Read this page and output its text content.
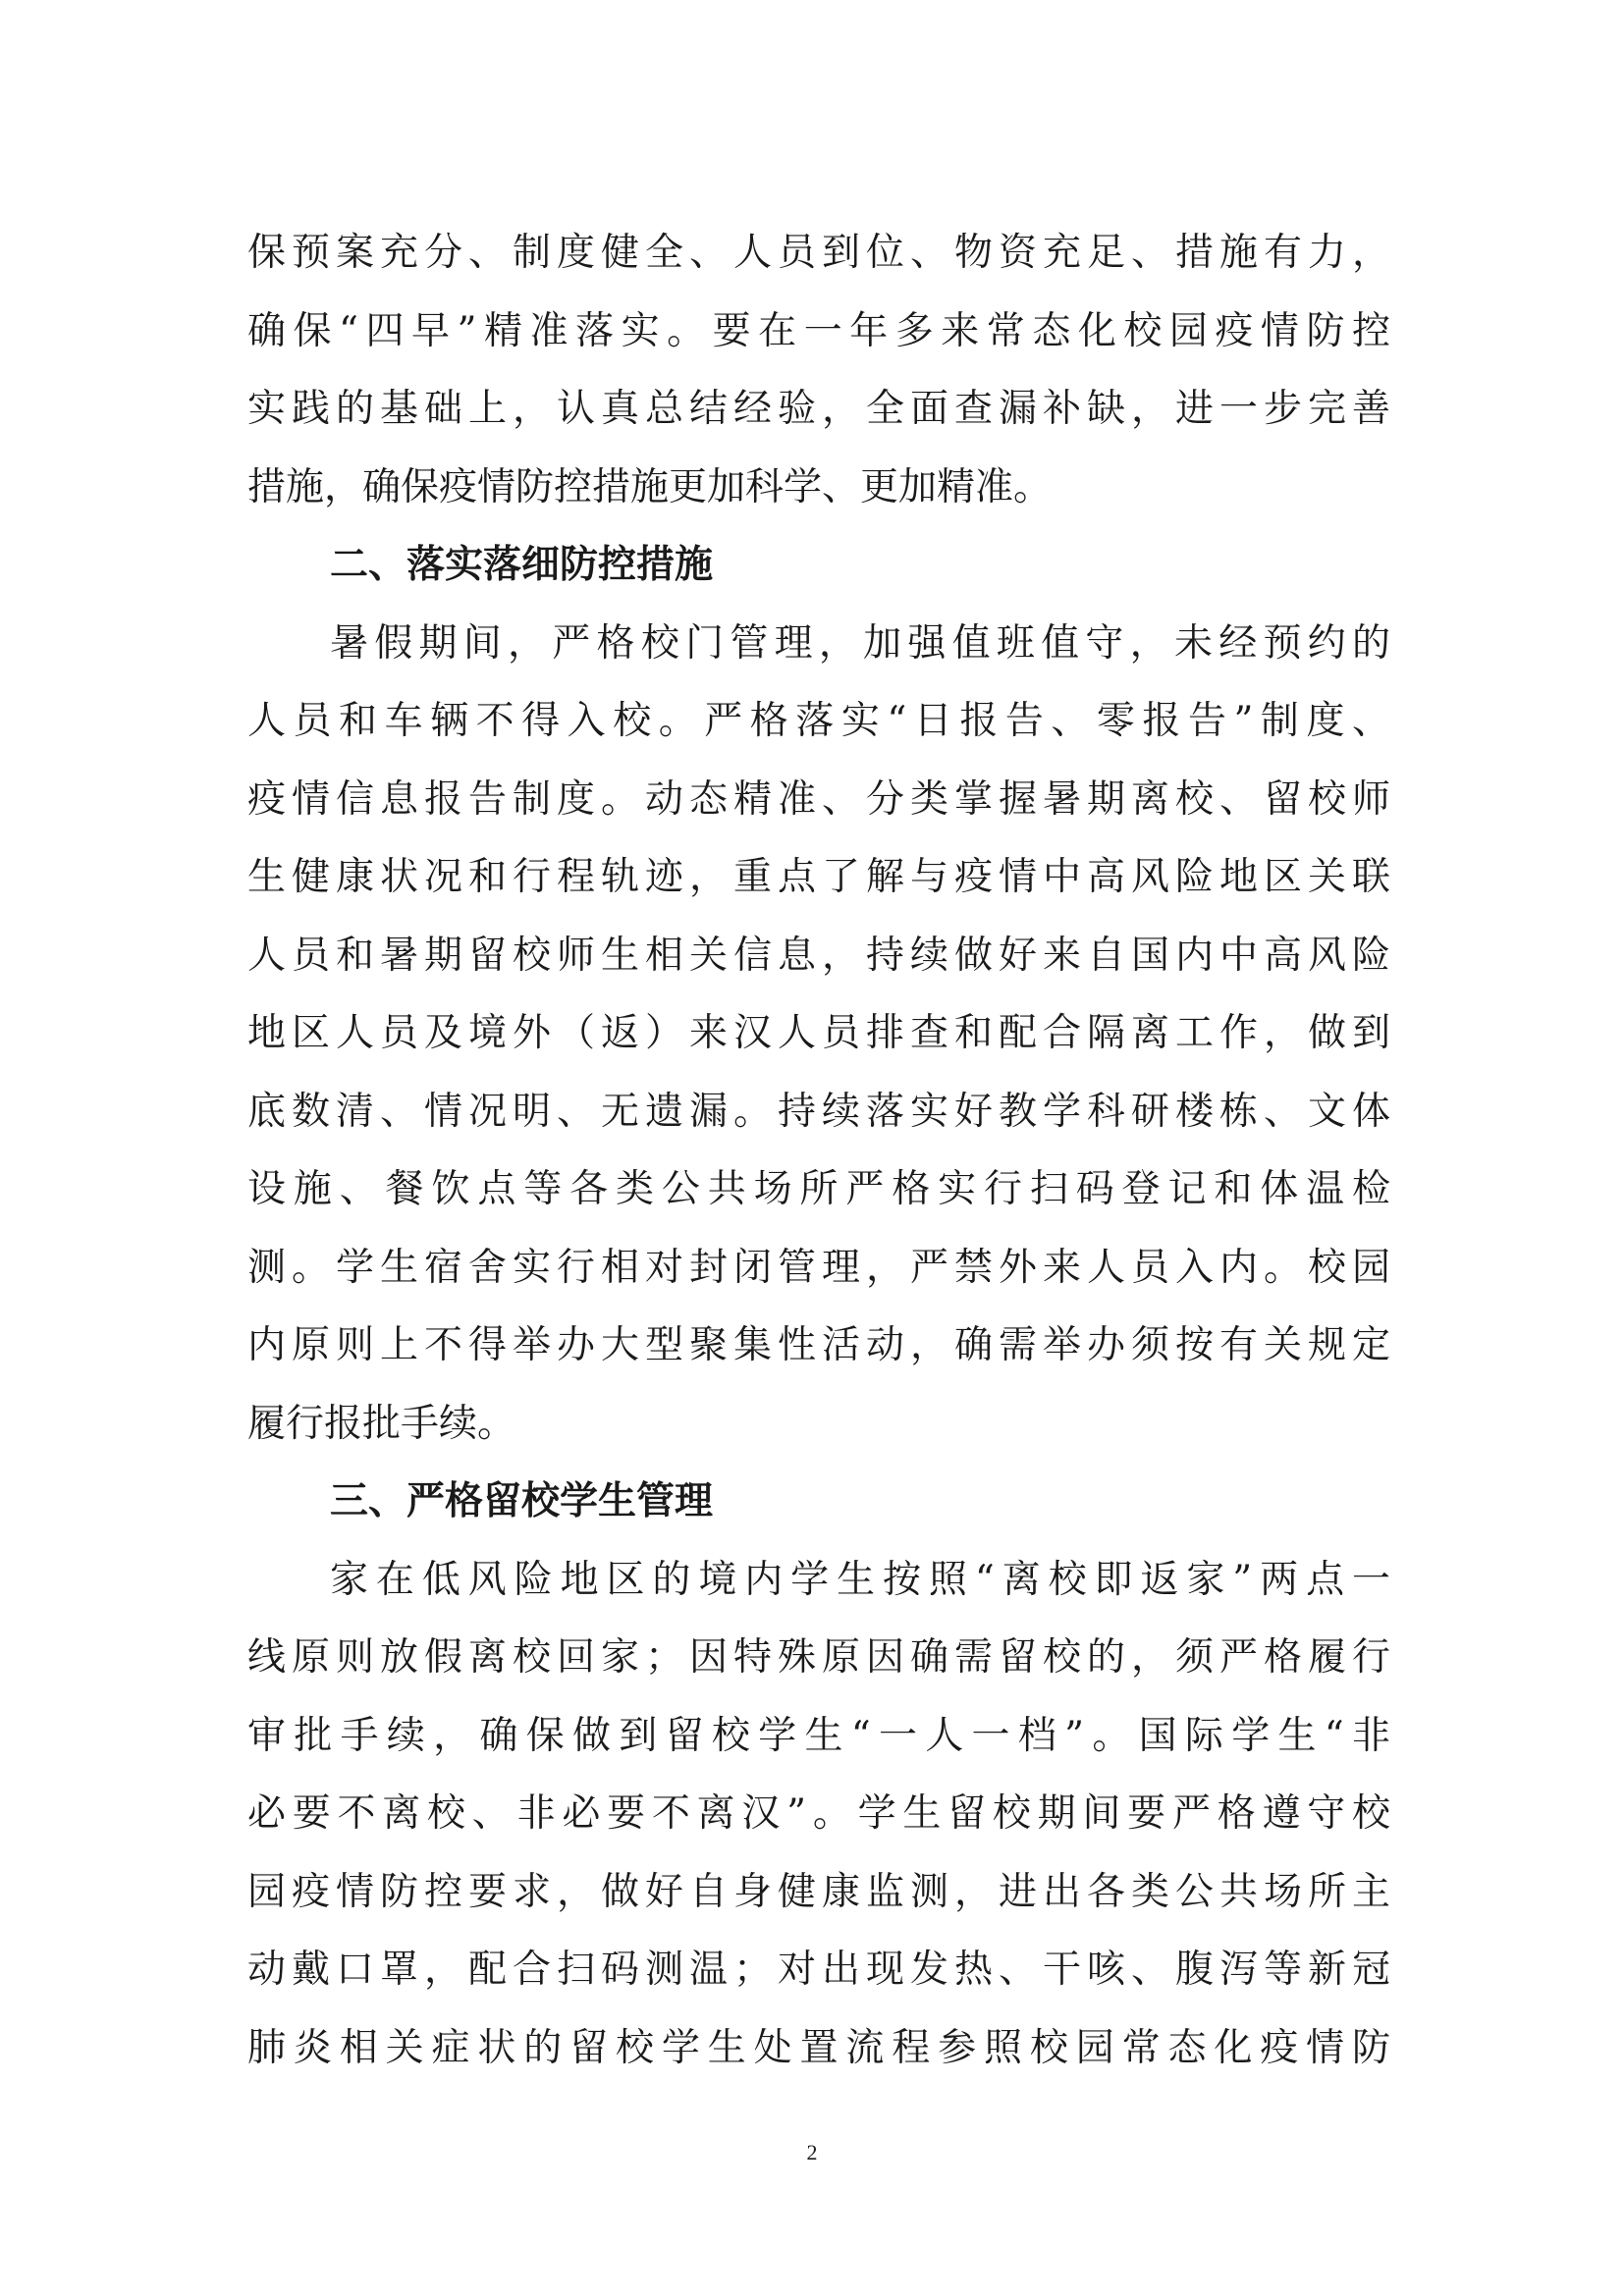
保预案充分、制度健全、人员到位、物资充足、措施有力，
确保“四早”精准落实。要在一年多来常态化校园疫情防控
实践的基础上，认真总结经验，全面查漏补缺，进一步完善
措施，确保疫情防控措施更加科学、更加精准。
二、落实落细防控措施
暑假期间，严格校门管理，加强值班值守，未经预约的
人员和车辆不得入校。严格落实“日报告、零报告”制度、
疫情信息报告制度。动态精准、分类掌握暑期离校、留校师
生健康状况和行程轨迹，重点了解与疫情中高风险地区关联
人员和暑期留校师生相关信息，持续做好来自国内中高风险
地区人员及境外（返）来汉人员排查和配合隔离工作，做到
底数清、情况明、无遗漏。持续落实好教学科研楼栋、文体
设施、餐饮点等各类公共场所严格实行扫码登记和体温检
测。学生宿舍实行相对封闭管理，严禁外来人员入内。校园
内原则上不得举办大型聚集性活动，确需举办须按有关规定
履行报批手续。
三、严格留校学生管理
家在低风险地区的境内学生按照“离校即返家”两点一
线原则放假离校回家；因特殊原因确需留校的，须严格履行
审批手续，确保做到留校学生“一人一档”。国际学生“非
必要不离校、非必要不离汉”。学生留校期间要严格遵守校
园疫情防控要求，做好自身健康监测，进出各类公共场所主
动戴口罩，配合扫码测温；对出现发热、干咳、腹泻等新冠
肺炎相关症状的留校学生处置流程参照校园常态化疫情防
2
